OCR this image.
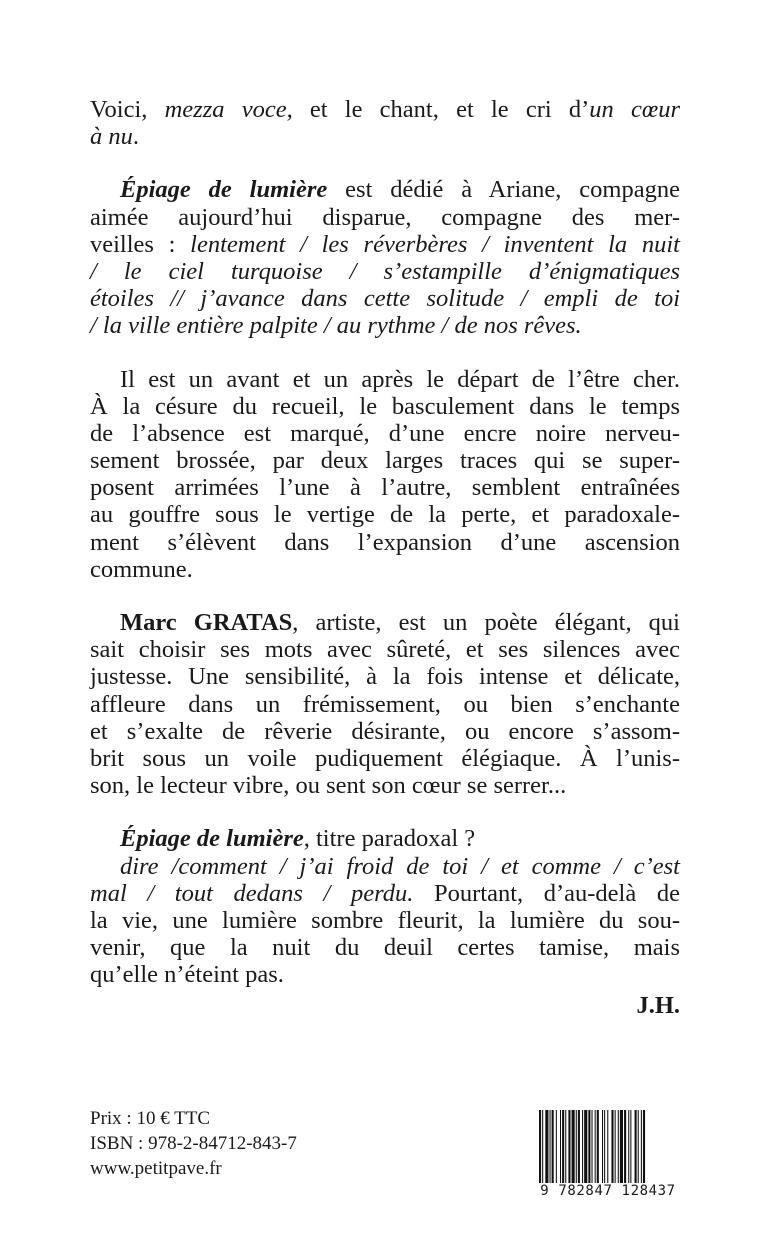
Voici, mezza voce, et le chant, et le cri d’un cœur
à nu.
Épiage de lumière est dédié à Ariane, compagne
aimée aujourd’hui disparue, compagne des mer-
veilles : lentement / les réverbères / inventent la nuit
/ le ciel turquoise / s’estampille d’énigmatiques
étoiles // j’avance dans cette solitude / empli de toi
/ la ville entière palpite / au rythme / de nos rêves.
Il est un avant et un après le départ de l’être cher.
À la césure du recueil, le basculement dans le temps
de l’absence est marqué, d’une encre noire nerveu-
sement brossée, par deux larges traces qui se super-
posent arrimées l’une à l’autre, semblent entraînées
au gouffre sous le vertige de la perte, et paradoxale-
ment s’élèvent dans l’expansion d’une ascension
commune.
Marc GRATAS, artiste, est un poète élégant, qui
sait choisir ses mots avec sûreté, et ses silences avec
justesse. Une sensibilité, à la fois intense et délicate,
affleure dans un frémissement, ou bien s’enchante
et s’exalte de rêverie désirante, ou encore s’assom-
brit sous un voile pudiquement élégiaque. À l’unis-
son, le lecteur vibre, ou sent son cœur se serrer...
Épiage de lumière, titre paradoxal ?
dire /comment / j’ai froid de toi / et comme / c’est
mal / tout dedans / perdu. Pourtant, d’au-delà de
la vie, une lumière sombre fleurit, la lumière du sou-
venir, que la nuit du deuil certes tamise, mais
qu’elle n’éteint pas.
J.H.
Prix : 10 € TTC
ISBN : 978-2-84712-843-7
www.petitpave.fr
9 782847 128437
